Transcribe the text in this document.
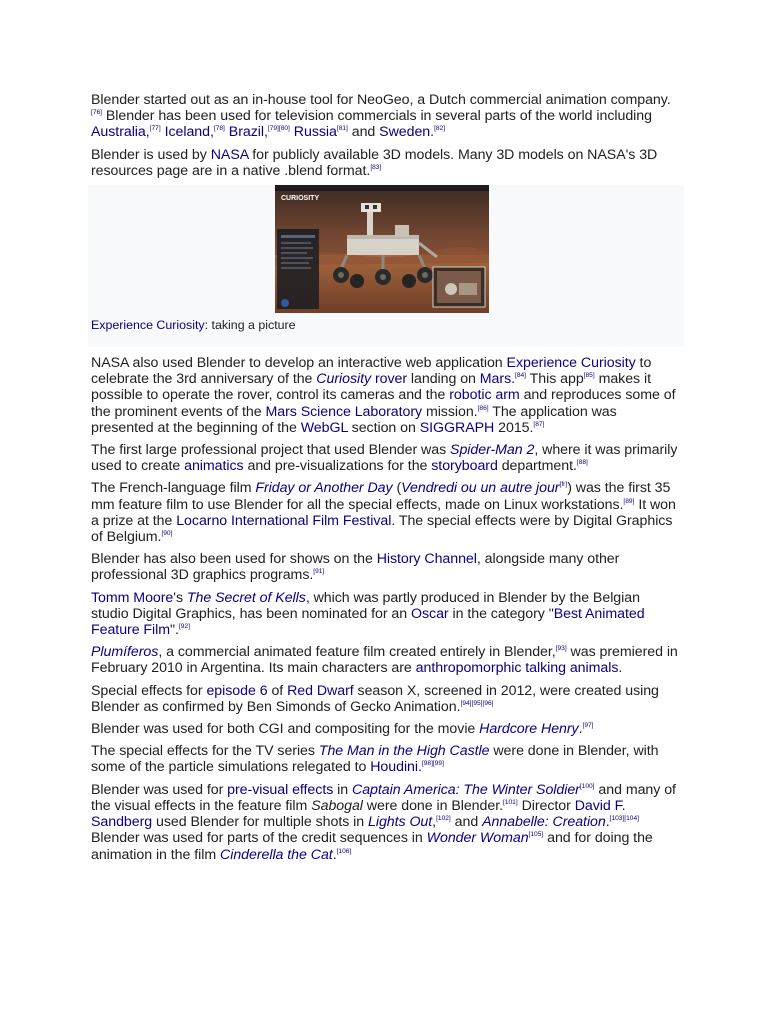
Blender started out as an in-house tool for NeoGeo, a Dutch commercial animation company.[76] Blender has been used for television commercials in several parts of the world including Australia,[77] Iceland,[78] Brazil,[79][80] Russia[81] and Sweden.[82]

Blender is used by NASA for publicly available 3D models. Many 3D models on NASA's 3D resources page are in a native .blend format.[83]

CURIOSITY
Experience Curiosity: taking a picture

NASA also used Blender to develop an interactive web application Experience Curiosity to celebrate the 3rd anniversary of the Curiosity rover landing on Mars.[84] This app[85] makes it possible to operate the rover, control its cameras and the robotic arm and reproduces some of the prominent events of the Mars Science Laboratory mission.[86] The application was presented at the beginning of the WebGL section on SIGGRAPH 2015.[87]

The first large professional project that used Blender was Spider-Man 2, where it was primarily used to create animatics and pre-visualizations for the storyboard department.[88]

The French-language film Friday or Another Day (Vendredi ou un autre jour[fr]) was the first 35 mm feature film to use Blender for all the special effects, made on Linux workstations.[89] It won a prize at the Locarno International Film Festival. The special effects were by Digital Graphics of Belgium.[90]

Blender has also been used for shows on the History Channel, alongside many other professional 3D graphics programs.[91]

Tomm Moore's The Secret of Kells, which was partly produced in Blender by the Belgian studio Digital Graphics, has been nominated for an Oscar in the category "Best Animated Feature Film".[92]

Plumíferos, a commercial animated feature film created entirely in Blender,[93] was premiered in February 2010 in Argentina. Its main characters are anthropomorphic talking animals.

Special effects for episode 6 of Red Dwarf season X, screened in 2012, were created using Blender as confirmed by Ben Simonds of Gecko Animation.[94][95][96]

Blender was used for both CGI and compositing for the movie Hardcore Henry.[97]

The special effects for the TV series The Man in the High Castle were done in Blender, with some of the particle simulations relegated to Houdini.[98][99]

Blender was used for pre-visual effects in Captain America: The Winter Soldier[100] and many of the visual effects in the feature film Sabogal were done in Blender.[101] Director David F. Sandberg used Blender for multiple shots in Lights Out,[102] and Annabelle: Creation.[103][104] Blender was used for parts of the credit sequences in Wonder Woman[105] and for doing the animation in the film Cinderella the Cat.[106]
